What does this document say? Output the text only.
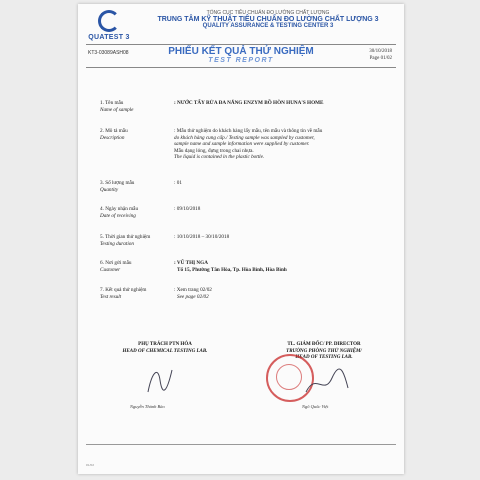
QUATEST 3
TỔNG CỤC TIÊU CHUẨN ĐO LƯỜNG CHẤT LƯỢNG
TRUNG TÂM KỸ THUẬT TIÊU CHUẨN ĐO LƯỜNG CHẤT LƯỢNG 3
QUALITY ASSURANCE & TESTING CENTER 3
KT3-03089ASH08	PHIẾU KẾT QUẢ THỬ NGHIỆM
TEST REPORT
30/10/2018
Page 01/02
1. Tên mẫu
Name of sample
: NƯỚC TẨY RỬA ĐA NĂNG ENZYM BỒ HÒN HUNA'S HOME
2. Mô tả mẫu
Description
: Mẫu thử nghiệm do khách hàng lấy mẫu, tên mẫu và thông tin về mẫu
do khách hàng cung cấp./ Testing sample was sampled by customer,
sample name and sample information were supplied by customer.
Mẫu dạng lỏng, đựng trong chai nhựa.
The liquid is contained in the plastic bottle.
3. Số lượng mẫu
Quantity
: 01
4. Ngày nhận mẫu
Date of receiving
: 09/10/2018
5. Thời gian thử nghiệm
Testing duration
: 10/10/2018 – 30/10/2018
6. Nơi gửi mẫu
Customer
: VŨ THỊ NGA
Tổ 15, Phường Tân Hòa, Tp. Hòa Bình, Hòa Bình
7. Kết quả thử nghiệm
Test result
: Xem trang 02/02
See page 02/02
PHỤ TRÁCH PTN HÓA
HEAD OF CHEMICAL TESTING LAB.
Nguyễn Thành Bảo
TL. GIÁM ĐỐC/ PP. DIRECTOR
TRƯỞNG PHÒNG THỬ NGHIỆM/
HEAD OF TESTING LAB.
Ngô Quốc Việt
01/02
